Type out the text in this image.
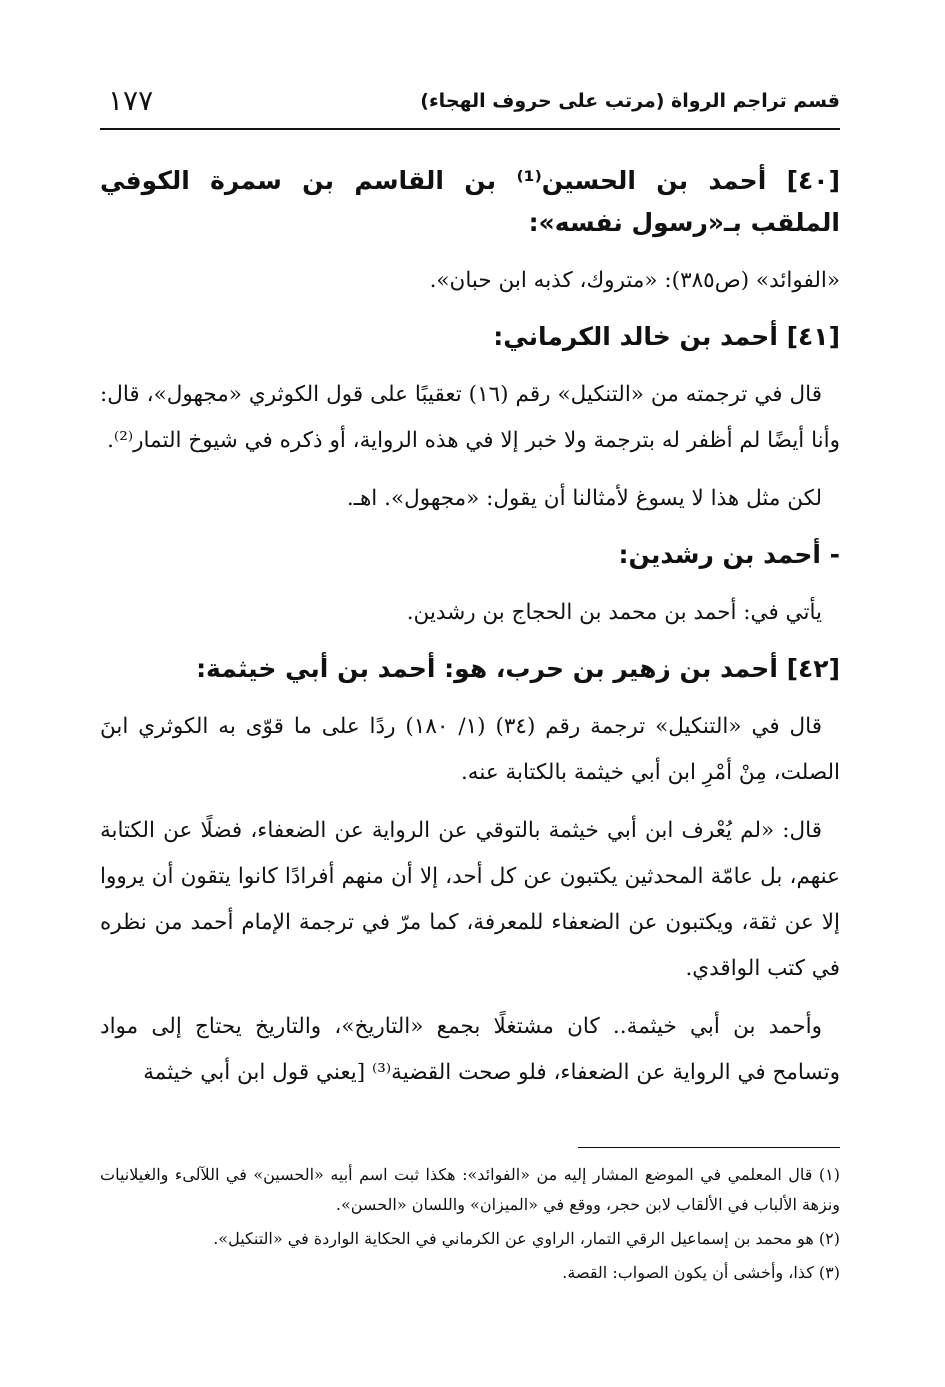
قسم تراجم الرواة (مرتب على حروف الهجاء)
١٧٧
[٤٠] أحمد بن الحسين⁽¹⁾ بن القاسم بن سمرة الكوفي الملقب بـ«رسول نفسه»:
«الفوائد» (ص٣٨٥): «متروك، كذبه ابن حبان».
[٤١] أحمد بن خالد الكرماني:
قال في ترجمته من «التنكيل» رقم (١٦) تعقيبًا على قول الكوثري «مجهول»، قال: وأنا أيضًا لم أظفر له بترجمة ولا خبر إلا في هذه الرواية، أو ذكره في شيوخ التمار⁽²⁾.
لكن مثل هذا لا يسوغ لأمثالنا أن يقول: «مجهول». اهـ.
- أحمد بن رشدين:
يأتي في: أحمد بن محمد بن الحجاج بن رشدين.
[٤٢] أحمد بن زهير بن حرب، هو: أحمد بن أبي خيثمة:
قال في «التنكيل» ترجمة رقم (٣٤) (١/ ١٨٠) ردًا على ما قوّى به الكوثري ابنَ الصلت، مِنْ أمْرِ ابن أبي خيثمة بالكتابة عنه.
قال: «لم يُعْرف ابن أبي خيثمة بالتوقي عن الرواية عن الضعفاء، فضلًا عن الكتابة عنهم، بل عامّة المحدثين يكتبون عن كل أحد، إلا أن منهم أفرادًا كانوا يتقون أن يرووا إلا عن ثقة، ويكتبون عن الضعفاء للمعرفة، كما مرّ في ترجمة الإمام أحمد من نظره في كتب الواقدي.
وأحمد بن أبي خيثمة.. كان مشتغلًا بجمع «التاريخ»، والتاريخ يحتاج إلى مواد وتسامح في الرواية عن الضعفاء، فلو صحت القضية⁽³⁾ [يعني قول ابن أبي خيثمة
(١) قال المعلمي في الموضع المشار إليه من «الفوائد»: هكذا ثبت اسم أبيه «الحسين» في اللآلىء والغيلانيات ونزهة الألباب في الألقاب لابن حجر، ووقع في «الميزان» واللسان «الحسن».
(٢) هو محمد بن إسماعيل الرقي التمار، الراوي عن الكرماني في الحكاية الواردة في «التنكيل».
(٣) كذا، وأخشى أن يكون الصواب: القصة.
